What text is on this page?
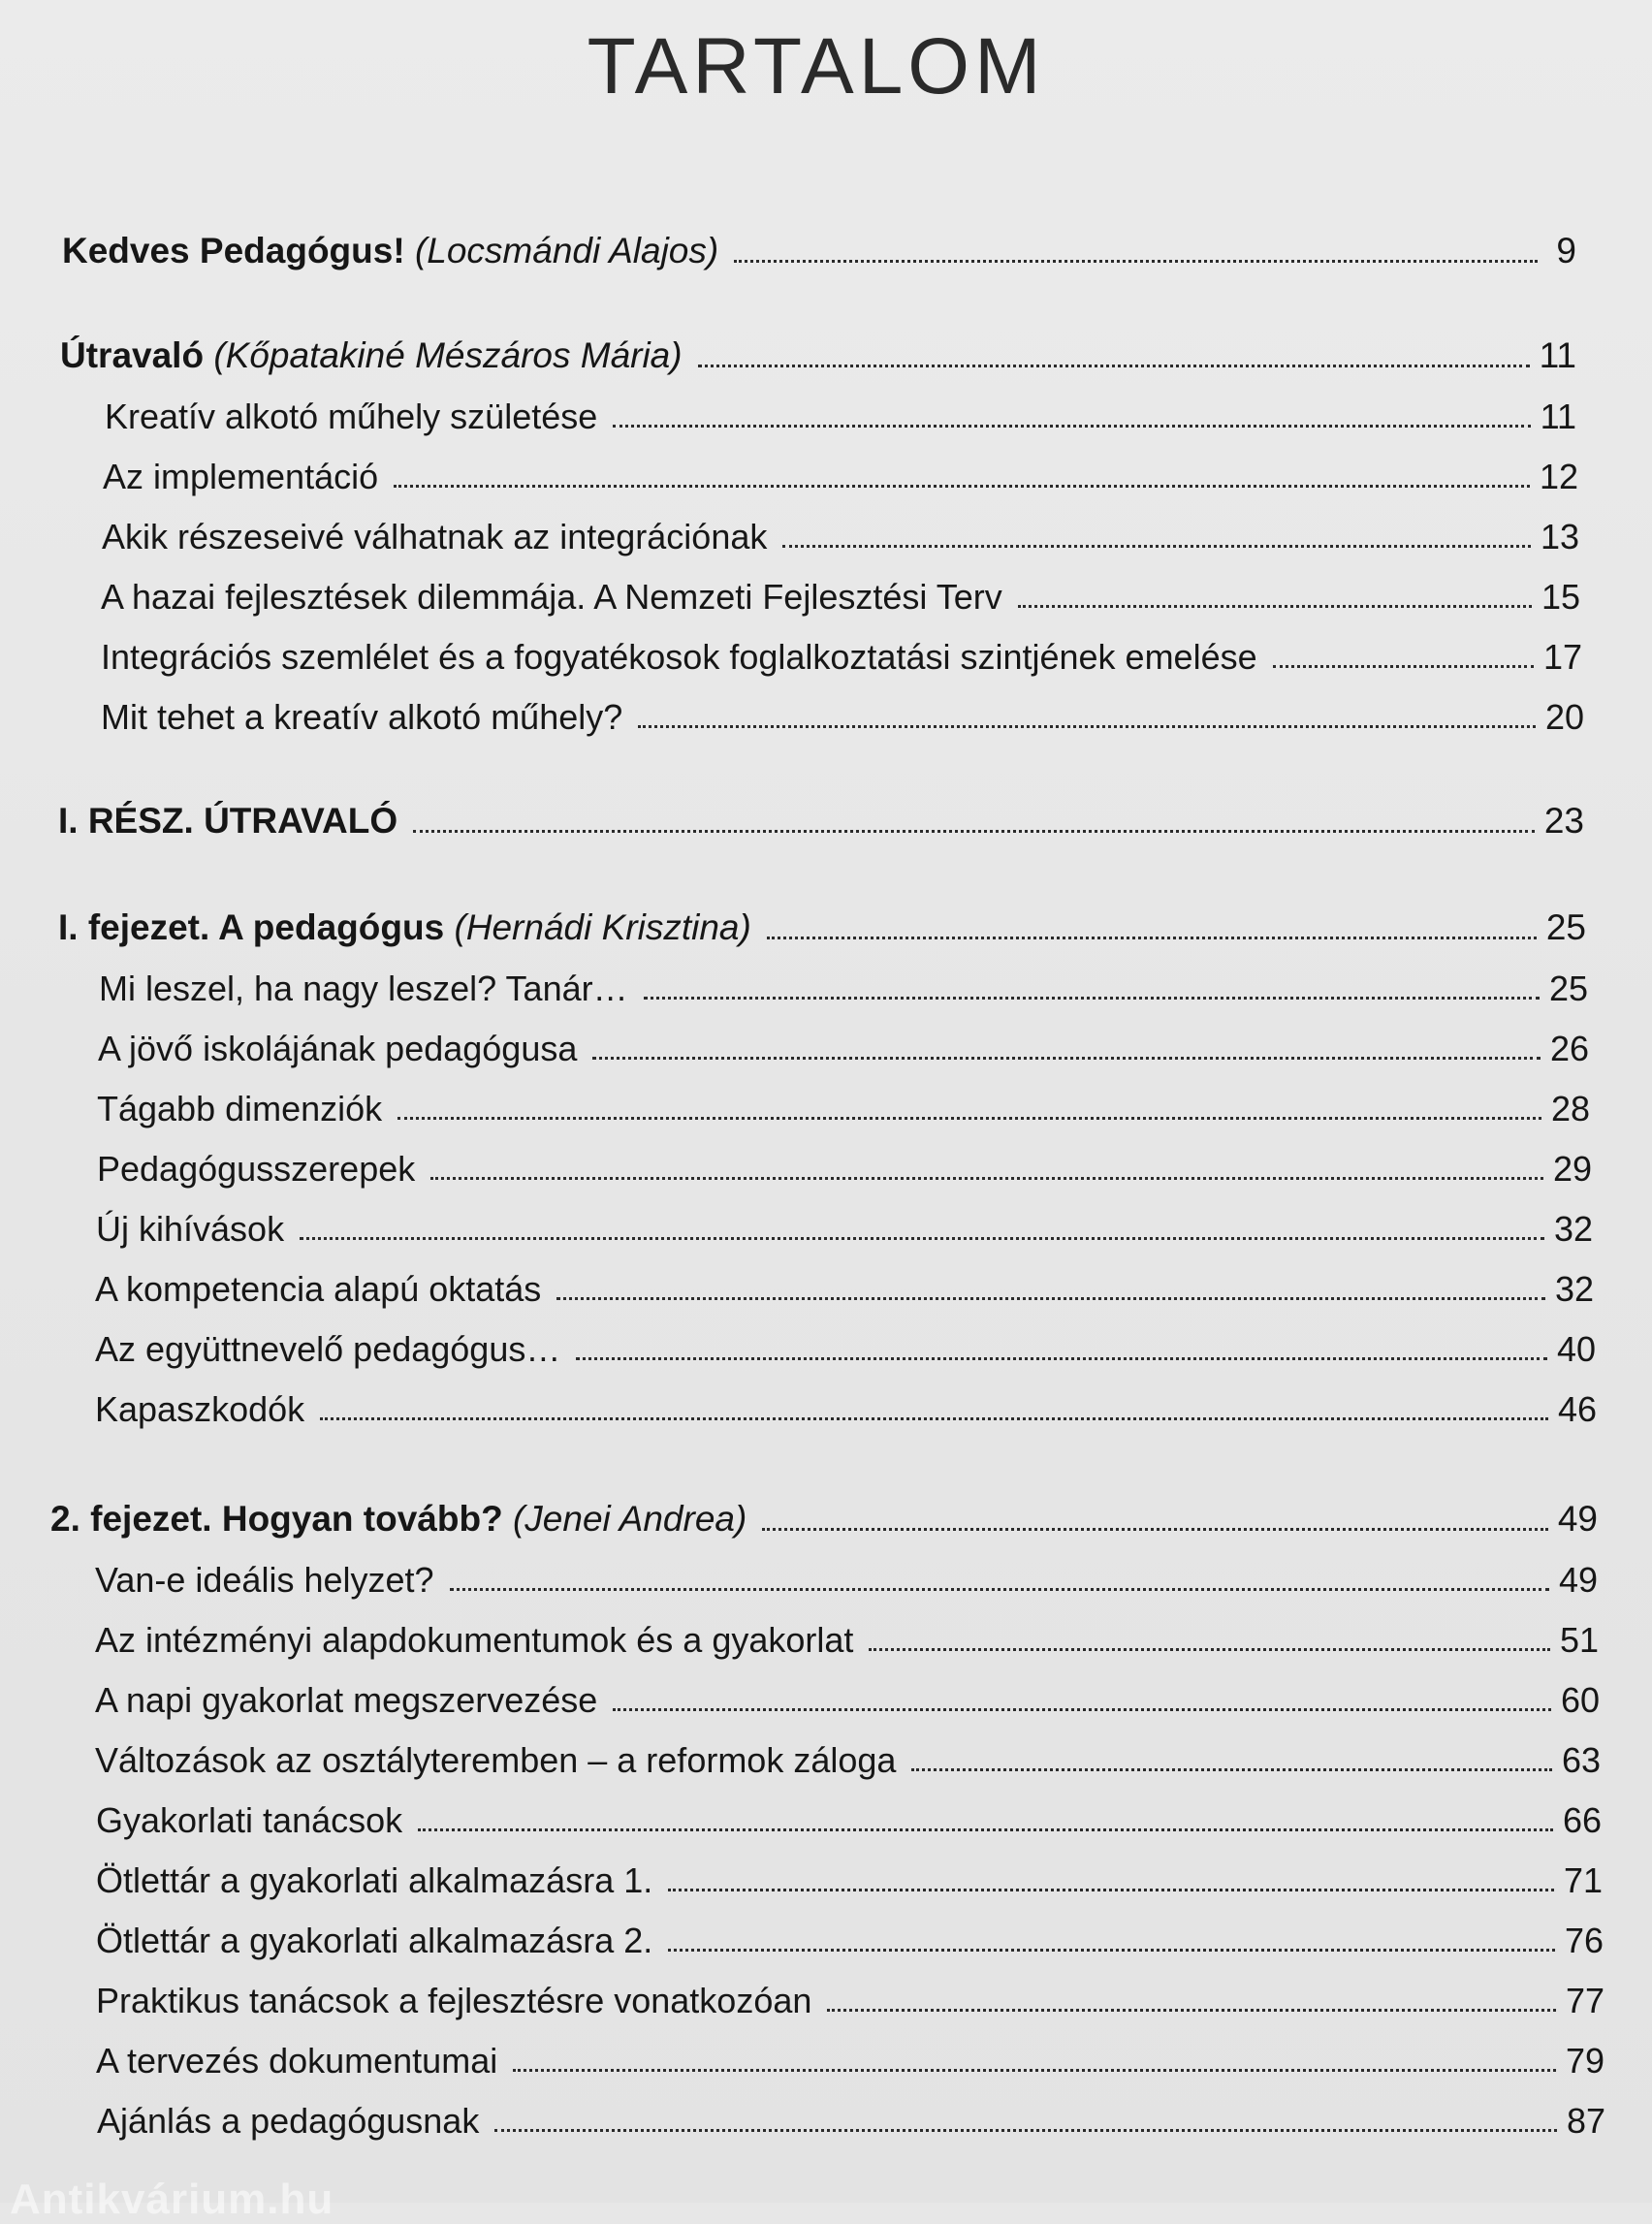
TARTALOM
Kedves Pedagógus! (Locsmándi Alajos)	9
Útravaló (Kőpatakiné Mészáros Mária)	11
Kreatív alkotó műhely születése	11
Az implementáció	12
Akik részeseivé válhatnak az integrációnak	13
A hazai fejlesztések dilemmája. A Nemzeti Fejlesztési Terv	15
Integrációs szemlélet és a fogyatékosok foglalkoztatási szintjének emelése	17
Mit tehet a kreatív alkotó műhely?	20
I. RÉSZ. ÚTRAVALÓ	23
I. fejezet. A pedagógus (Hernádi Krisztina)	25
Mi leszel, ha nagy leszel? Tanár…	25
A jövő iskolájának pedagógusa	26
Tágabb dimenziók	28
Pedagógusszerepek	29
Új kihívások	32
A kompetencia alapú oktatás	32
Az együttnevelő pedagógus…	40
Kapaszkodók	46
2. fejezet. Hogyan tovább? (Jenei Andrea)	49
Van-e ideális helyzet?	49
Az intézményi alapdokumentumok és a gyakorlat	51
A napi gyakorlat megszervezése	60
Változások az osztályteremben – a reformok záloga	63
Gyakorlati tanácsok	66
Ötlettár a gyakorlati alkalmazásra 1.	71
Ötlettár a gyakorlati alkalmazásra 2.	76
Praktikus tanácsok a fejlesztésre vonatkozóan	77
A tervezés dokumentumai	79
Ajánlás a pedagógusnak	87
Antikvárium.hu
